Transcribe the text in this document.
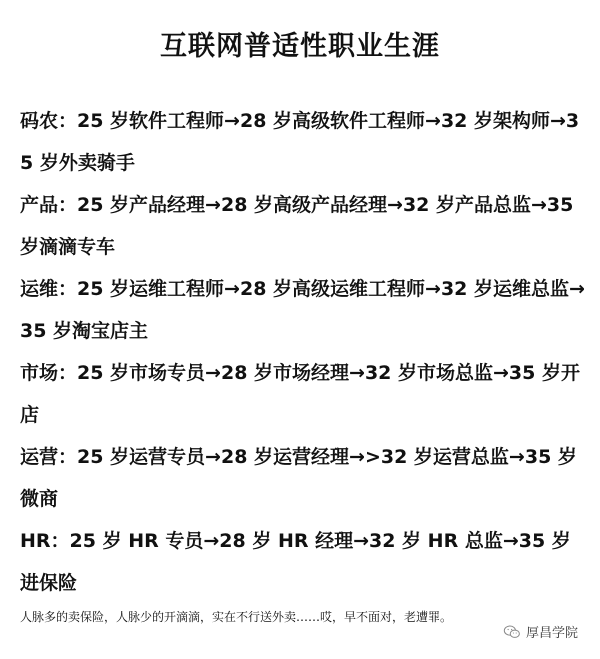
互联网普适性职业生涯

码农：25 岁软件工程师→28 岁高级软件工程师→32 岁架构师→35 岁外卖骑手

产品：25 岁产品经理→28 岁高级产品经理→32 岁产品总监→35 岁滴滴专车

运维：25 岁运维工程师→28 岁高级运维工程师→32 岁运维总监→35 岁淘宝店主

市场：25 岁市场专员→28 岁市场经理→32 岁市场总监→35 岁开店

运营：25 岁运营专员→28 岁运营经理→>32 岁运营总监→35 岁微商

HR：25 岁 HR 专员→28 岁 HR 经理→32 岁 HR 总监→35 岁进保险

人脉多的卖保险，人脉少的开滴滴，实在不行送外卖……哎，早不面对，老遭罪。
厚昌学院
